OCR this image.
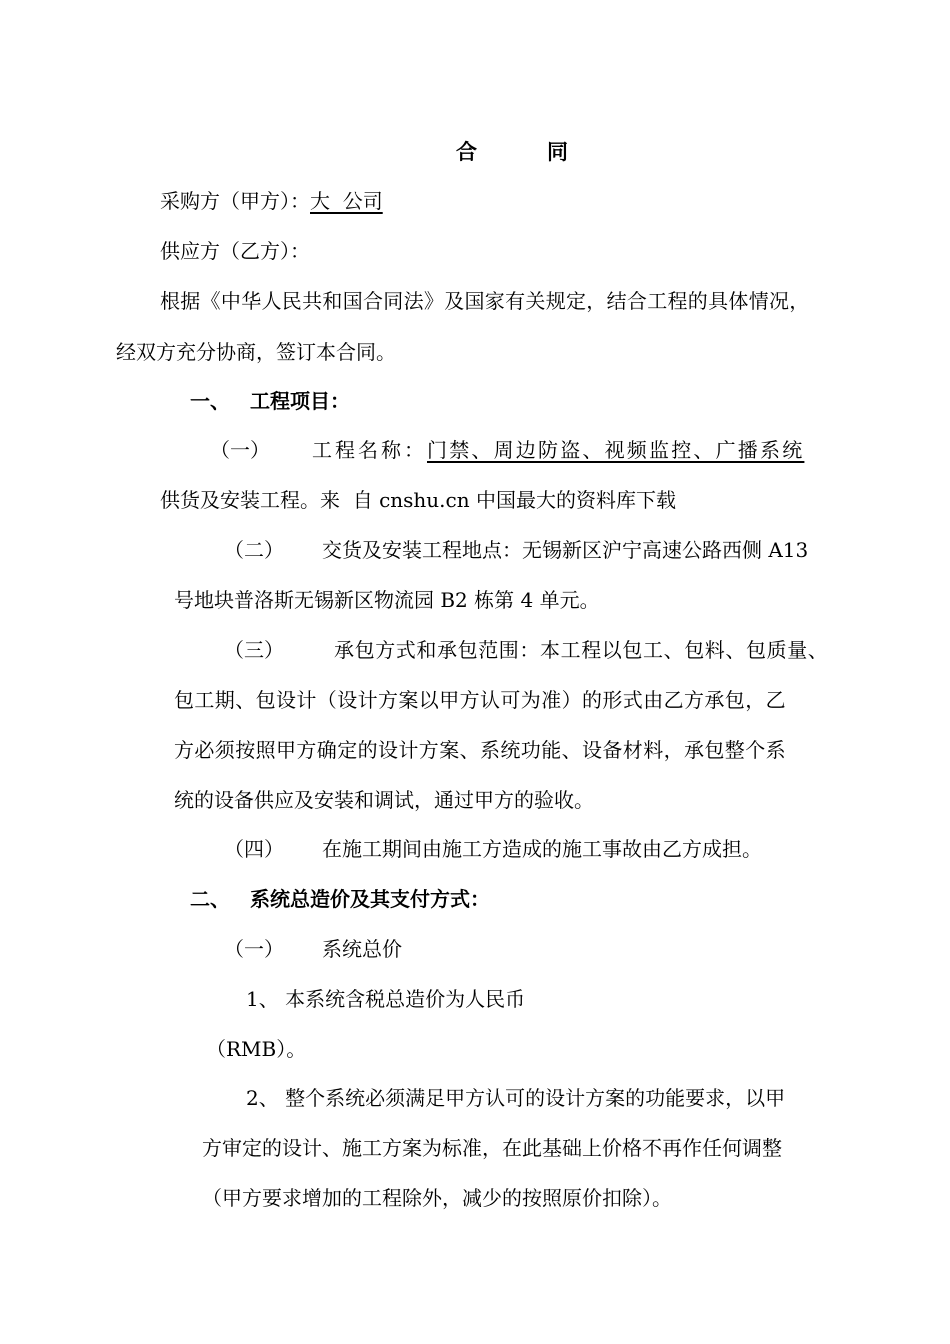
合	同
采购方（甲方）：大  公司
供应方（乙方）：
根据《中华人民共和国合同法》及国家有关规定，结合工程的具体情况，
经双方充分协商，签订本合同。
一、 工程项目：
（一） 工程名称：门禁、周边防盗、视频监控、广播系统
供货及安装工程。来  自 cnshu.cn 中国最大的资料库下载
（二） 交货及安装工程地点：无锡新区沪宁高速公路西侧 A13
号地块普洛斯无锡新区物流园 B2 栋第 4 单元。
（三）	承包方式和承包范围：本工程以包工、包料、包质量、
包工期、包设计（设计方案以甲方认可为准）的形式由乙方承包，乙
方必须按照甲方确定的设计方案、系统功能、设备材料，承包整个系
统的设备供应及安装和调试，通过甲方的验收。
（四） 在施工期间由施工方造成的施工事故由乙方成担。
二、 系统总造价及其支付方式：
（一） 系统总价
1、 本系统含税总造价为人民币
（RMB）。
2、 整个系统必须满足甲方认可的设计方案的功能要求，以甲
方审定的设计、施工方案为标准，在此基础上价格不再作任何调整
（甲方要求增加的工程除外，减少的按照原价扣除）。
